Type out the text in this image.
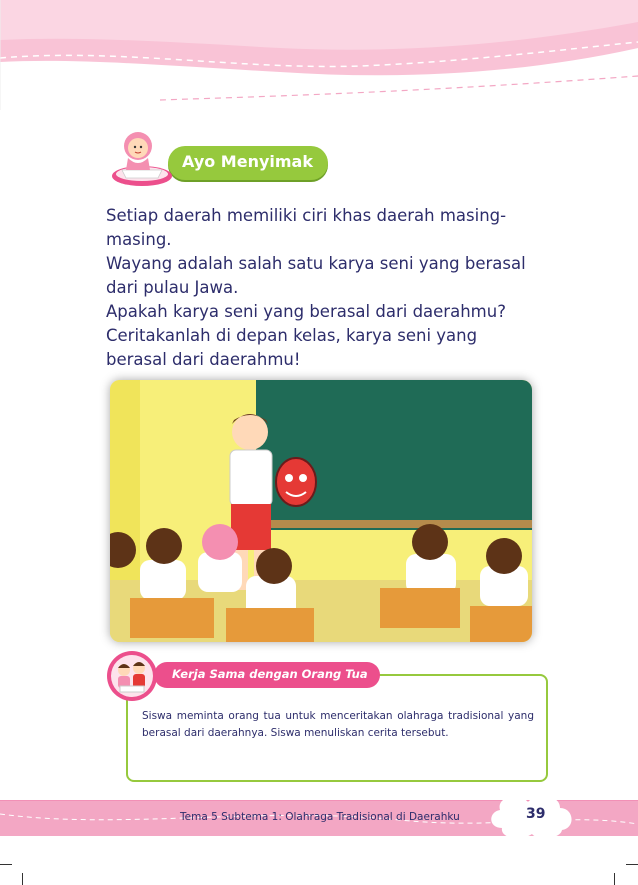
Ayo Menyimak

Setiap daerah memiliki ciri khas daerah masing-masing.

Wayang adalah salah satu karya seni yang berasal dari pulau Jawa.

Apakah karya seni yang berasal dari daerahmu?

Ceritakanlah di depan kelas, karya seni yang berasal dari daerahmu!

Kerja Sama dengan Orang Tua
Siswa meminta orang tua untuk menceritakan olahraga tradisional yang berasal dari daerahnya. Siswa menuliskan cerita tersebut.
Tema 5 Subtema 1: Olahraga Tradisional di Daerahku	39
